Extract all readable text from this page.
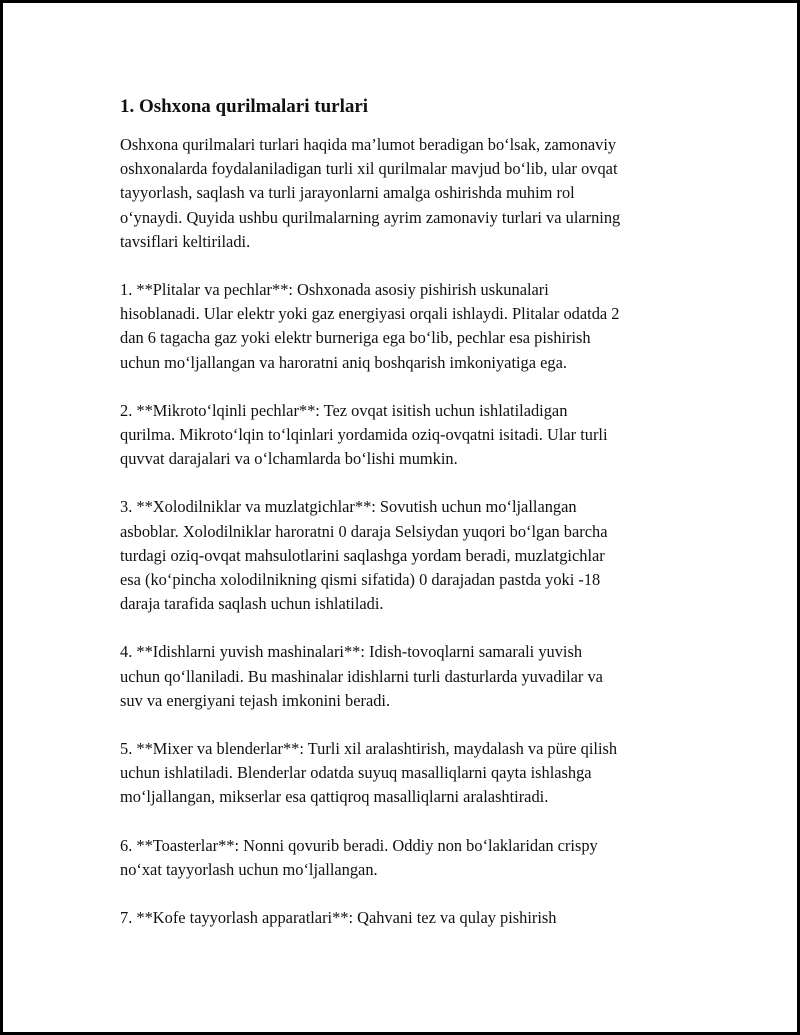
1. Oshxona qurilmalari turlari

Oshxona qurilmalari turlari haqida ma’lumot beradigan bo‘lsak, zamonaviy
oshxonalarda foydalaniladigan turli xil qurilmalar mavjud bo‘lib, ular ovqat
tayyorlash, saqlash va turli jarayonlarni amalga oshirishda muhim rol
o‘ynaydi. Quyida ushbu qurilmalarning ayrim zamonaviy turlari va ularning
tavsiflari keltiriladi.

1. **Plitalar va pechlar**: Oshxonada asosiy pishirish uskunalari
hisoblanadi. Ular elektr yoki gaz energiyasi orqali ishlaydi. Plitalar odatda 2
dan 6 tagacha gaz yoki elektr burneriga ega bo‘lib, pechlar esa pishirish
uchun mo‘ljallangan va haroratni aniq boshqarish imkoniyatiga ega.

2. **Mikroto‘lqinli pechlar**: Tez ovqat isitish uchun ishlatiladigan
qurilma. Mikroto‘lqin to‘lqinlari yordamida oziq-ovqatni isitadi. Ular turli
quvvat darajalari va o‘lchamlarda bo‘lishi mumkin.

3. **Xolodilniklar va muzlatgichlar**: Sovutish uchun mo‘ljallangan
asboblar. Xolodilniklar haroratni 0 daraja Selsiydan yuqori bo‘lgan barcha
turdagi oziq-ovqat mahsulotlarini saqlashga yordam beradi, muzlatgichlar
esa (ko‘pincha xolodilnikning qismi sifatida) 0 darajadan pastda yoki -18
daraja tarafida saqlash uchun ishlatiladi.

4. **Idishlarni yuvish mashinalari**: Idish-tovoqlarni samarali yuvish
uchun qo‘llaniladi. Bu mashinalar idishlarni turli dasturlarda yuvadilar va
suv va energiyani tejash imkonini beradi.

5. **Mixer va blenderlar**: Turli xil aralashtirish, maydalash va püre qilish
uchun ishlatiladi. Blenderlar odatda suyuq masalliqlarni qayta ishlashga
mo‘ljallangan, mikserlar esa qattiqroq masalliqlarni aralashtiradi.

6. **Toasterlar**: Nonni qovurib beradi. Oddiy non bo‘laklaridan crispy
no‘xat tayyorlash uchun mo‘ljallangan.

7. **Kofe tayyorlash apparatlari**: Qahvani tez va qulay pishirish
